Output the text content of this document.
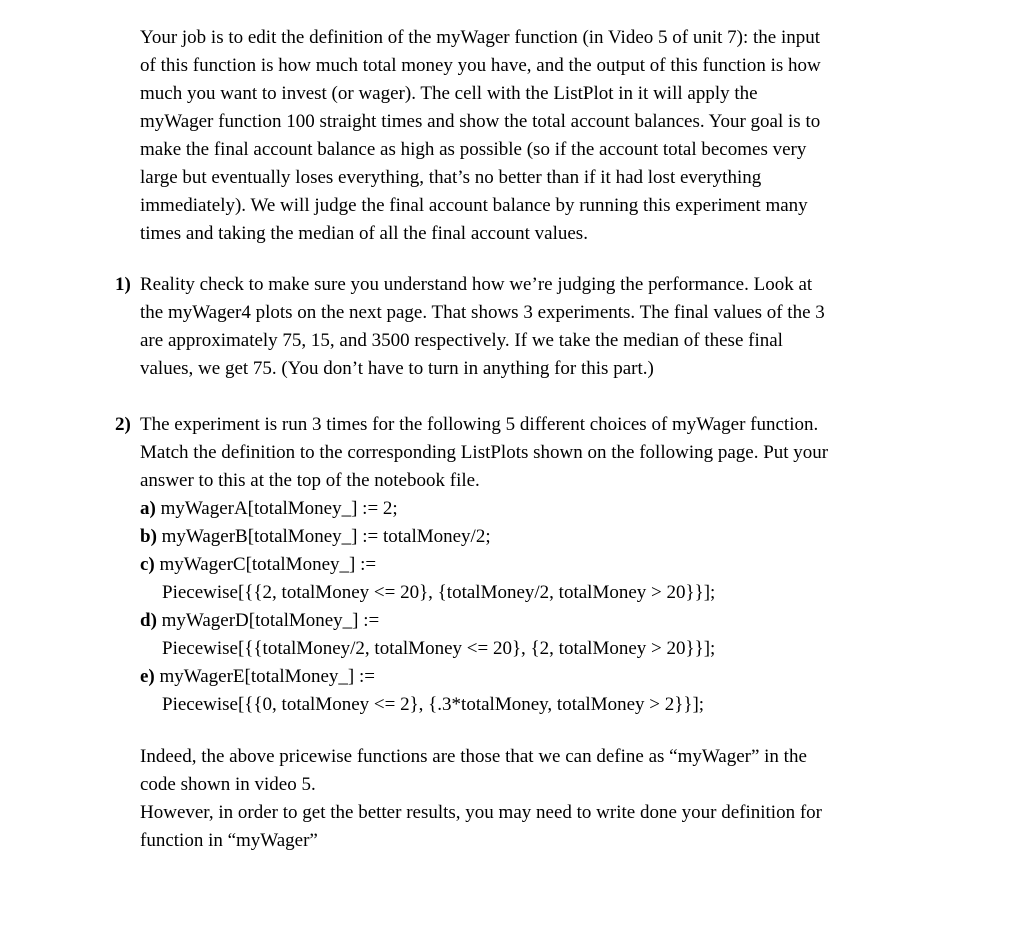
Your job is to edit the definition of the myWager function (in Video 5 of unit 7): the input
of this function is how much total money you have, and the output of this function is how
much you want to invest (or wager). The cell with the ListPlot in it will apply the
myWager function 100 straight times and show the total account balances. Your goal is to
make the final account balance as high as possible (so if the account total becomes very
large but eventually loses everything, that’s no better than if it had lost everything
immediately). We will judge the final account balance by running this experiment many
times and taking the median of all the final account values.
1) Reality check to make sure you understand how we’re judging the performance. Look at
the myWager4 plots on the next page. That shows 3 experiments. The final values of the 3
are approximately 75, 15, and 3500 respectively. If we take the median of these final
values, we get 75. (You don’t have to turn in anything for this part.)
2) The experiment is run 3 times for the following 5 different choices of myWager function.
Match the definition to the corresponding ListPlots shown on the following page. Put your
answer to this at the top of the notebook file.
a) myWagerA[totalMoney_] := 2;
b) myWagerB[totalMoney_] := totalMoney/2;
c) myWagerC[totalMoney_] :=
Piecewise[{{2, totalMoney <= 20}, {totalMoney/2, totalMoney > 20}}];
d) myWagerD[totalMoney_] :=
Piecewise[{{totalMoney/2, totalMoney <= 20}, {2, totalMoney > 20}}];
e) myWagerE[totalMoney_] :=
Piecewise[{{0, totalMoney <= 2}, {.3*totalMoney, totalMoney > 2}}];
Indeed, the above pricewise functions are those that we can define as “myWager” in the
code shown in video 5.
However, in order to get the better results, you may need to write done your definition for
function in “myWager”
